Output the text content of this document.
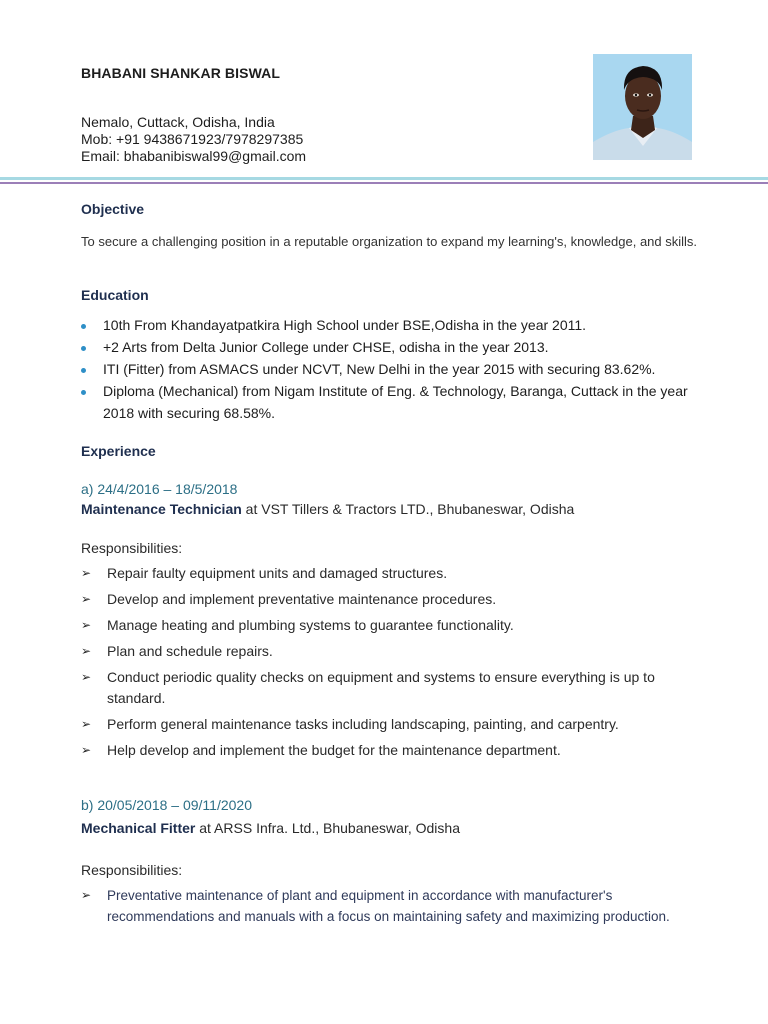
BHABANI SHANKAR BISWAL
Nemalo, Cuttack, Odisha, India
Mob: +91 9438671923/7978297385
Email: bhabanibiswal99@gmail.com
Objective
To secure a challenging position in a reputable organization to expand my learning's, knowledge, and skills.
Education
10th From Khandayatpatkira High School under BSE,Odisha in the year 2011.
+2 Arts from Delta Junior College under CHSE, odisha in the year 2013.
ITI (Fitter) from ASMACS under NCVT, New Delhi in the year 2015 with securing 83.62%.
Diploma (Mechanical) from Nigam Institute of Eng. & Technology, Baranga, Cuttack in the year 2018 with securing 68.58%.
Experience
a) 24/4/2016 – 18/5/2018
Maintenance Technician at VST Tillers & Tractors LTD., Bhubaneswar, Odisha
Responsibilities:
➢ Repair faulty equipment units and damaged structures.
➢ Develop and implement preventative maintenance procedures.
➢ Manage heating and plumbing systems to guarantee functionality.
➢ Plan and schedule repairs.
➢ Conduct periodic quality checks on equipment and systems to ensure everything is up to standard.
➢ Perform general maintenance tasks including landscaping, painting, and carpentry.
➢ Help develop and implement the budget for the maintenance department.
b) 20/05/2018 – 09/11/2020
Mechanical Fitter at ARSS Infra. Ltd., Bhubaneswar, Odisha
Responsibilities:
➢ Preventative maintenance of plant and equipment in accordance with manufacturer's recommendations and manuals with a focus on maintaining safety and maximizing production.
